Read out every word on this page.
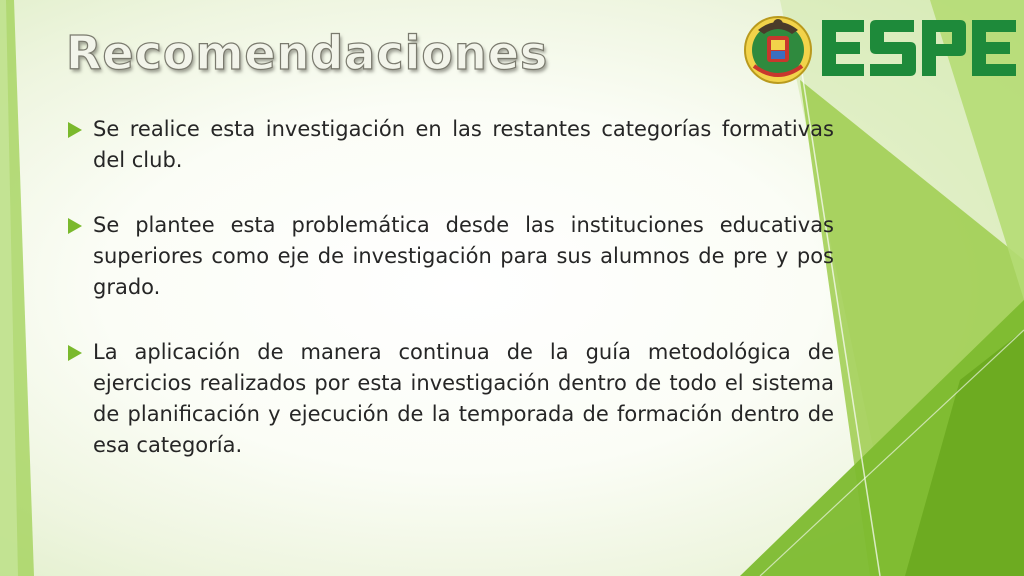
Recomendaciones
Se realice esta investigación en las restantes categorías formativas del club.
Se plantee esta problemática desde las instituciones educativas superiores como eje de investigación para sus alumnos de pre y pos grado.
La aplicación de manera continua de la guía metodológica de ejercicios realizados por esta investigación dentro de todo el sistema de planificación y ejecución de la temporada de formación dentro de esa categoría.
